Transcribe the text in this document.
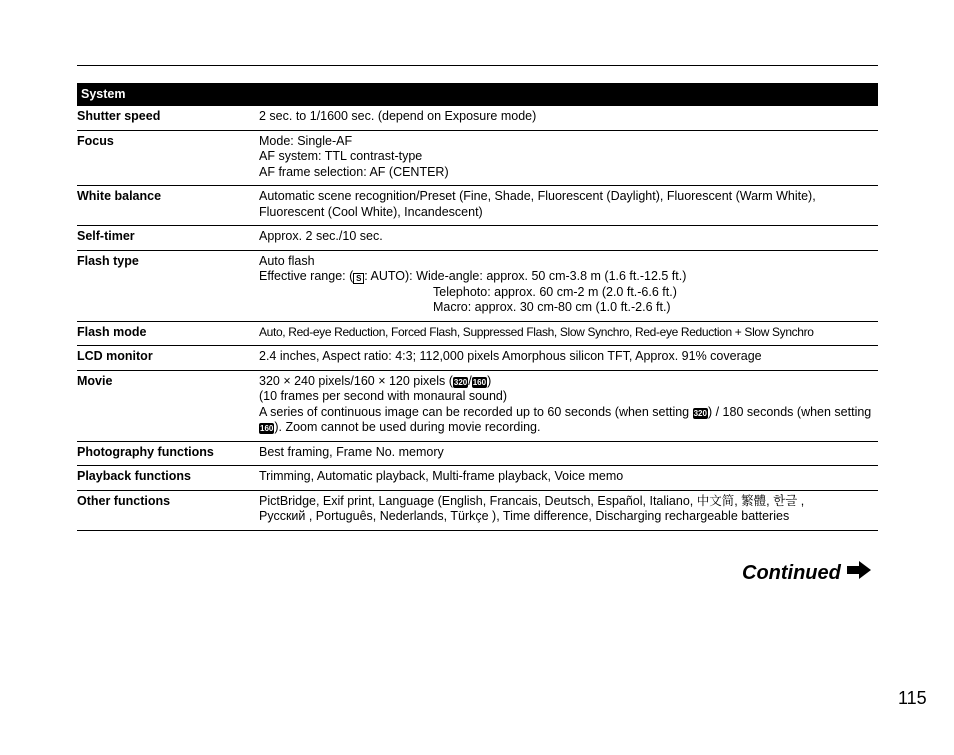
System
Shutter speed	2 sec. to 1/1600 sec. (depend on Exposure mode)
Focus	Mode: Single-AF
AF system: TTL contrast-type
AF frame selection: AF (CENTER)
White balance	Automatic scene recognition/Preset (Fine, Shade, Fluorescent (Daylight), Fluorescent (Warm White), Fluorescent (Cool White), Incandescent)
Self-timer	Approx. 2 sec./10 sec.
Flash type	Auto flash
Effective range: ( S : AUTO): Wide-angle: approx. 50 cm-3.8 m (1.6 ft.-12.5 ft.)
Telephoto: approx. 60 cm-2 m (2.0 ft.-6.6 ft.)
Macro: approx. 30 cm-80 cm (1.0 ft.-2.6 ft.)
Flash mode	Auto, Red-eye Reduction, Forced Flash, Suppressed Flash, Slow Synchro, Red-eye Reduction + Slow Synchro
LCD monitor	2.4 inches, Aspect ratio: 4:3; 112,000 pixels Amorphous silicon TFT, Approx. 91% coverage
Movie	320 × 240 pixels/160 × 120 pixels (320/160)
(10 frames per second with monaural sound)
A series of continuous image can be recorded up to 60 seconds (when setting 320) / 180 seconds (when setting 160). Zoom cannot be used during movie recording.
Photography functions	Best framing, Frame No. memory
Playback functions	Trimming, Automatic playback, Multi-frame playback, Voice memo
Other functions	PictBridge, Exif print, Language (English, Francais, Deutsch, Español, Italiano, 中文简, 繁體, 한글 ,
Русский , Português, Nederlands, Türkçe ), Time difference, Discharging rechargeable batteries
Continued
115
